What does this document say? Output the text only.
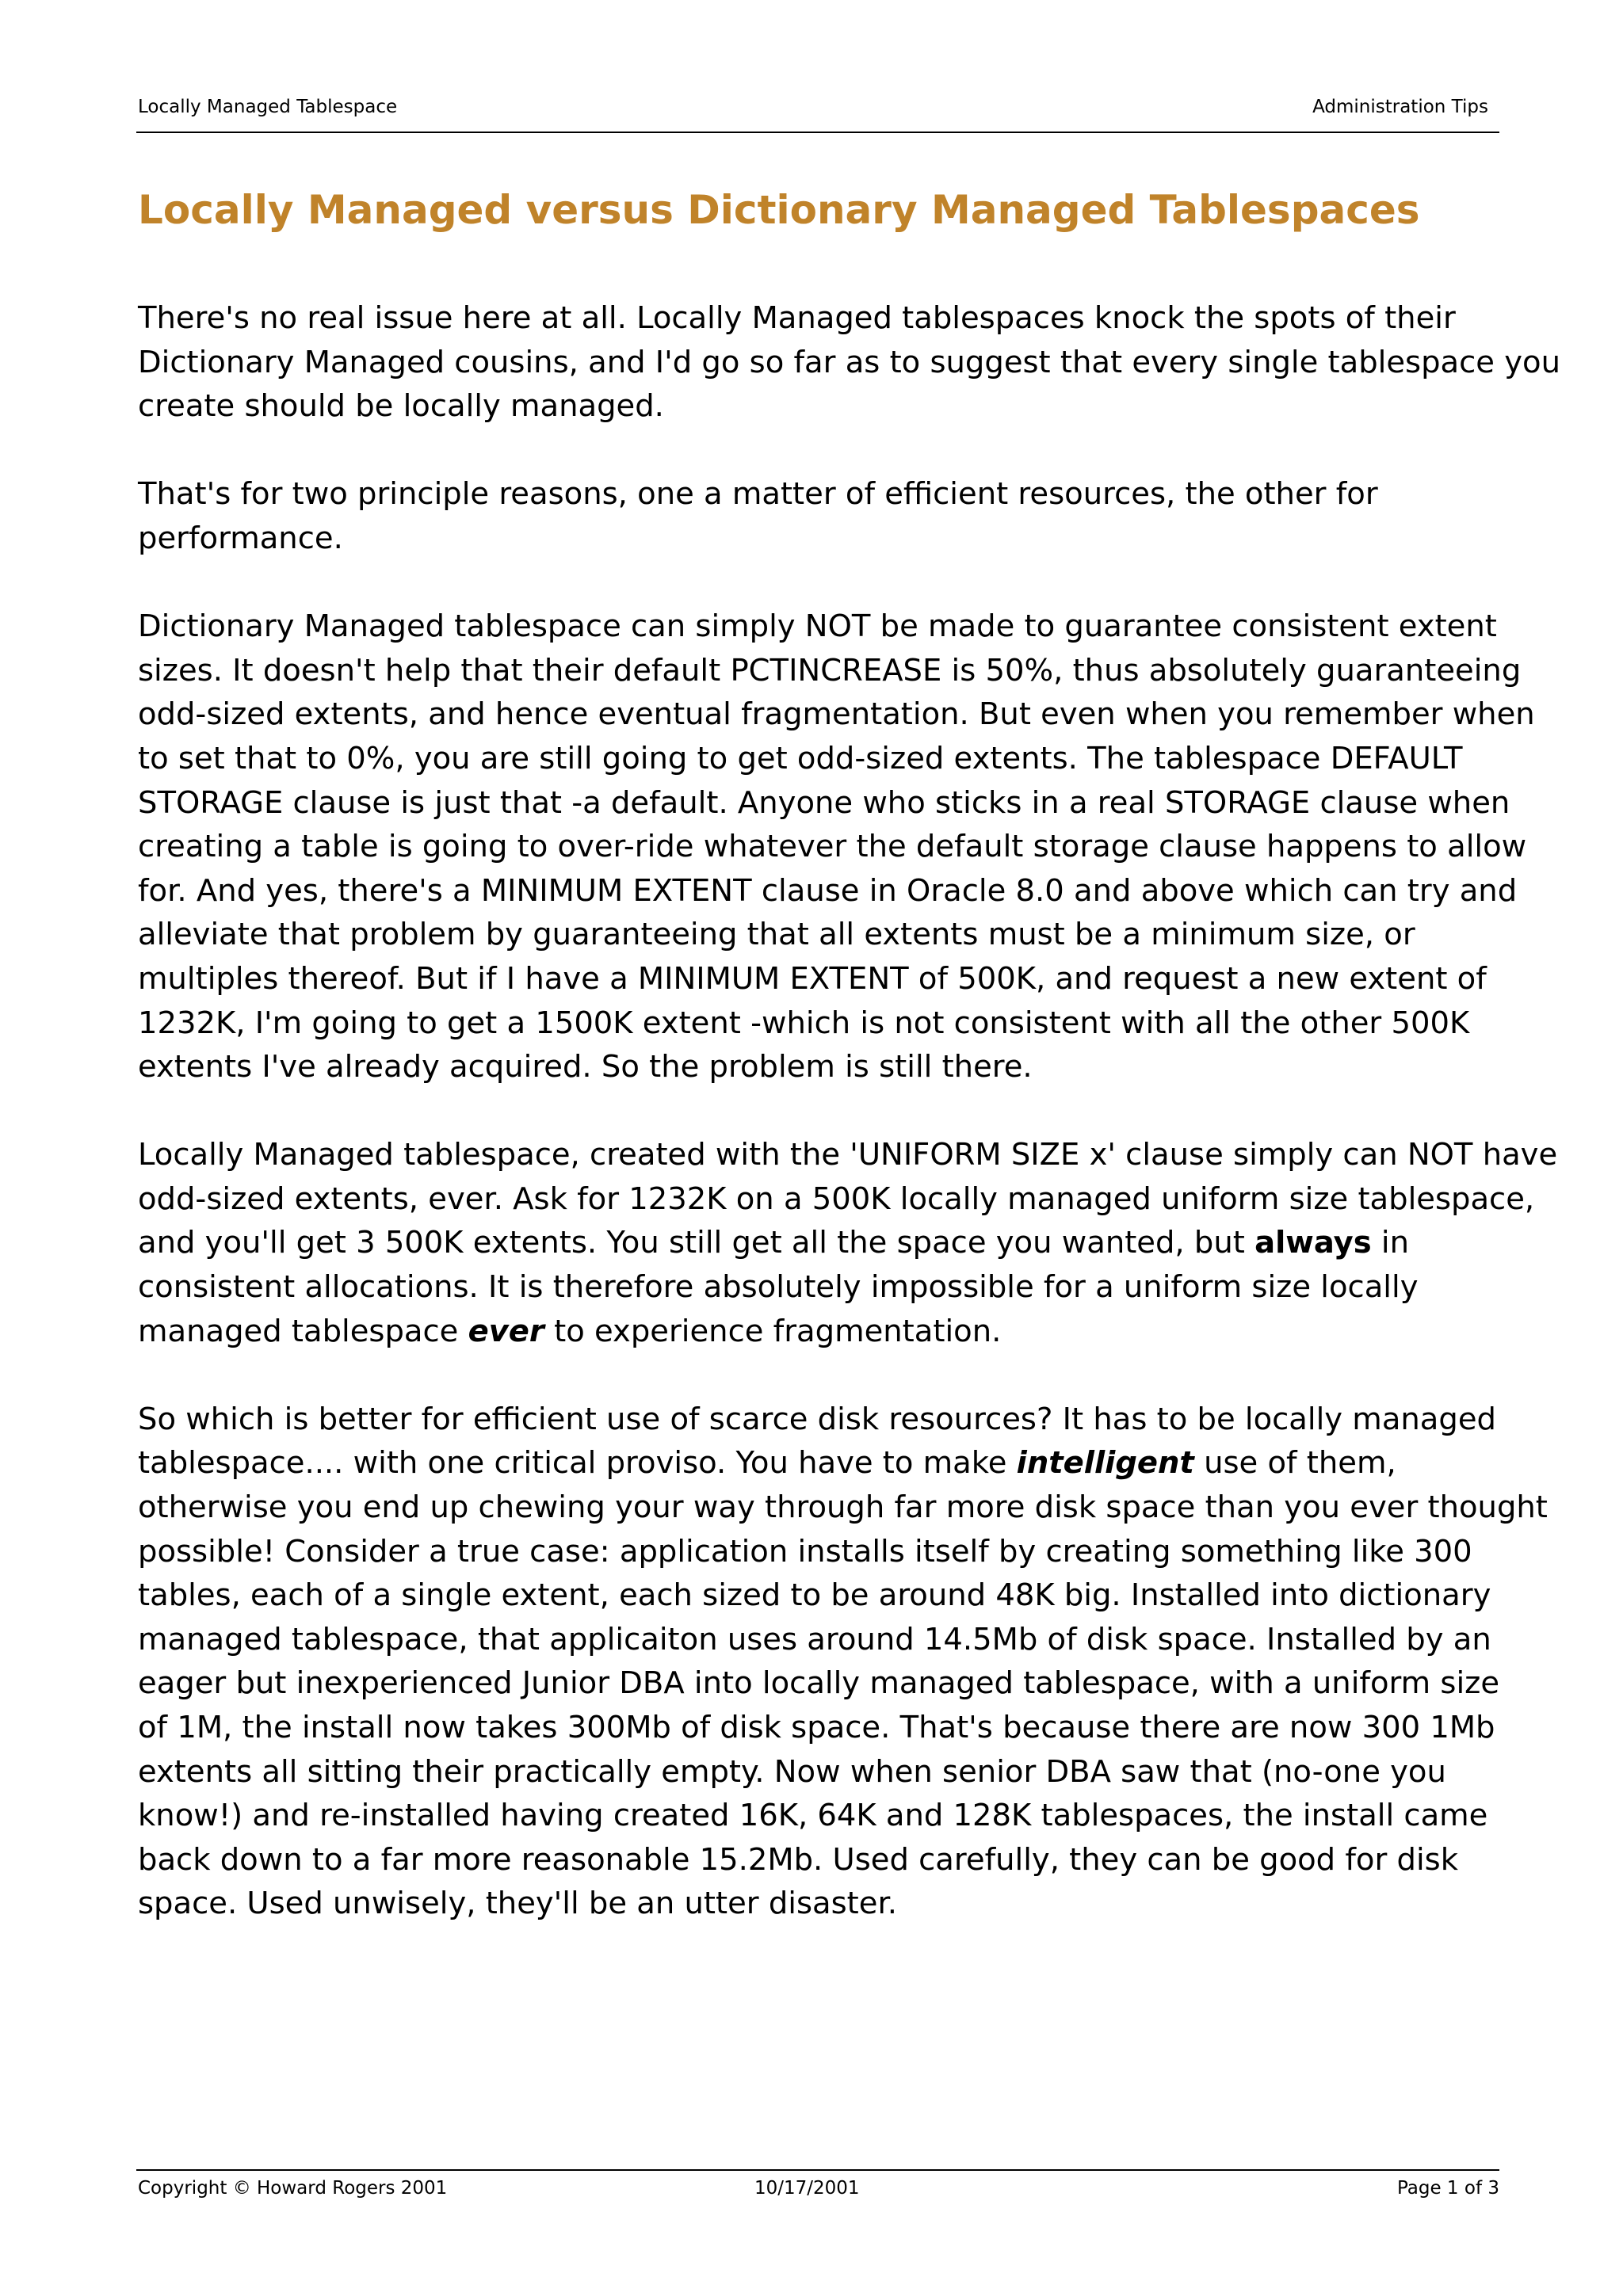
Locally Managed Tablespace	Administration Tips
Locally Managed versus Dictionary Managed Tablespaces

There's no real issue here at all. Locally Managed tablespaces knock the spots of their
Dictionary Managed cousins, and I'd go so far as to suggest that every single tablespace you
create should be locally managed.

That's for two principle reasons, one a matter of efficient resources, the other for
performance.

Dictionary Managed tablespace can simply NOT be made to guarantee consistent extent
sizes. It doesn't help that their default PCTINCREASE is 50%, thus absolutely guaranteeing
odd-sized extents, and hence eventual fragmentation. But even when you remember when
to set that to 0%, you are still going to get odd-sized extents. The tablespace DEFAULT
STORAGE clause is just that -a default. Anyone who sticks in a real STORAGE clause when
creating a table is going to over-ride whatever the default storage clause happens to allow
for. And yes, there's a MINIMUM EXTENT clause in Oracle 8.0 and above which can try and
alleviate that problem by guaranteeing that all extents must be a minimum size, or
multiples thereof. But if I have a MINIMUM EXTENT of 500K, and request a new extent of
1232K, I'm going to get a 1500K extent -which is not consistent with all the other 500K
extents I've already acquired. So the problem is still there.

Locally Managed tablespace, created with the 'UNIFORM SIZE x' clause simply can NOT have
odd-sized extents, ever. Ask for 1232K on a 500K locally managed uniform size tablespace,
and you'll get 3 500K extents. You still get all the space you wanted, but always in
consistent allocations. It is therefore absolutely impossible for a uniform size locally
managed tablespace ever to experience fragmentation.

So which is better for efficient use of scarce disk resources? It has to be locally managed
tablespace.... with one critical proviso. You have to make intelligent use of them,
otherwise you end up chewing your way through far more disk space than you ever thought
possible! Consider a true case: application installs itself by creating something like 300
tables, each of a single extent, each sized to be around 48K big. Installed into dictionary
managed tablespace, that applicaiton uses around 14.5Mb of disk space. Installed by an
eager but inexperienced Junior DBA into locally managed tablespace, with a uniform size
of 1M, the install now takes 300Mb of disk space. That's because there are now 300 1Mb
extents all sitting their practically empty. Now when senior DBA saw that (no-one you
know!) and re-installed having created 16K, 64K and 128K tablespaces, the install came
back down to a far more reasonable 15.2Mb. Used carefully, they can be good for disk
space. Used unwisely, they'll be an utter disaster.

Copyright © Howard Rogers 2001	10/17/2001	Page 1 of 3
